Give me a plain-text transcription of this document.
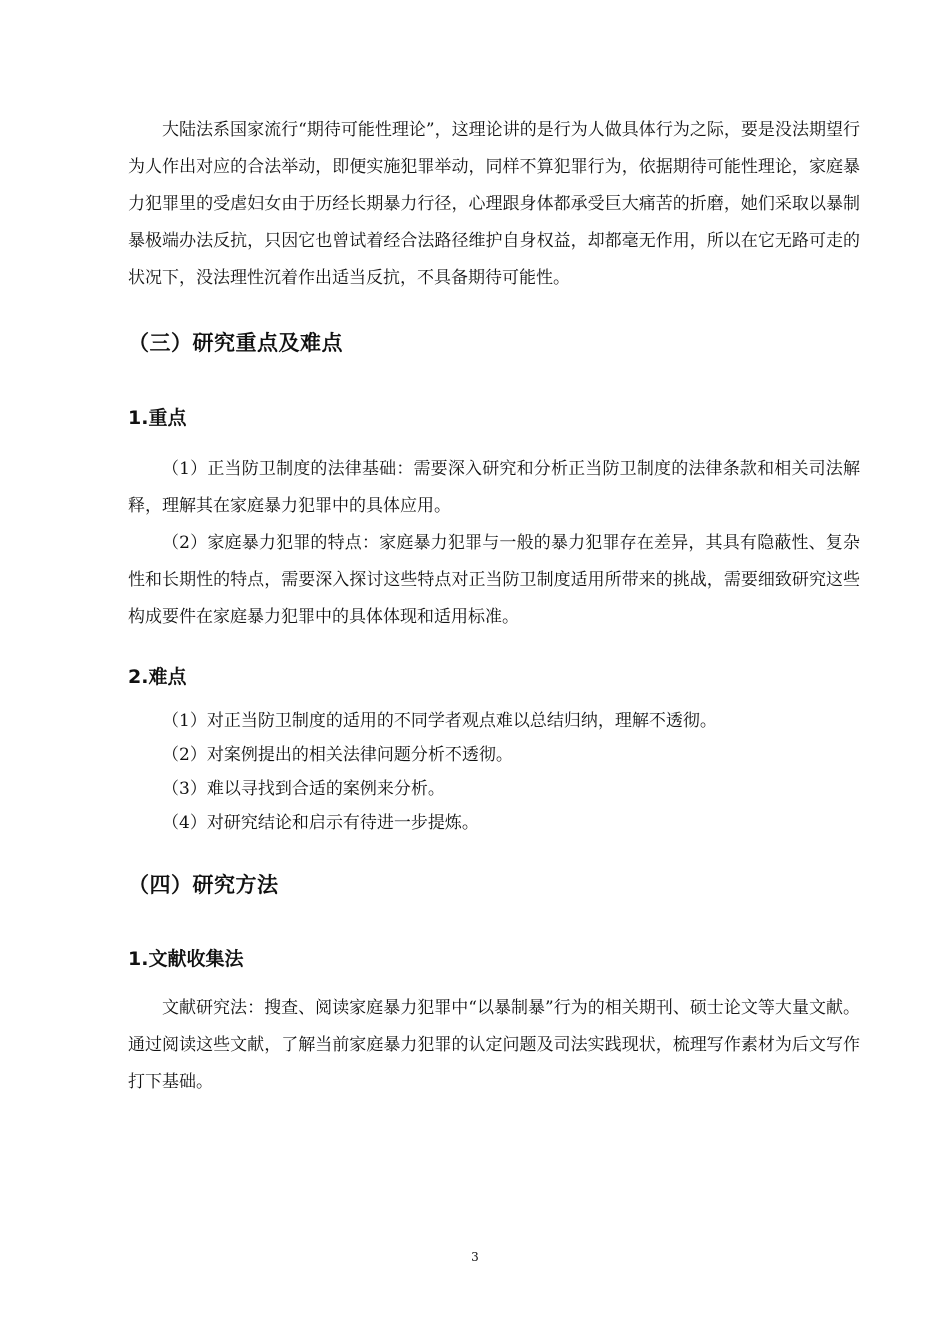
大陆法系国家流行“期待可能性理论”，这理论讲的是行为人做具体行为之际，要是没法期望行为人作出对应的合法举动，即便实施犯罪举动，同样不算犯罪行为，依据期待可能性理论，家庭暴力犯罪里的受虐妇女由于历经长期暴力行径，心理跟身体都承受巨大痛苦的折磨，她们采取以暴制暴极端办法反抗，只因它也曾试着经合法路径维护自身权益，却都毫无作用，所以在它无路可走的状况下，没法理性沉着作出适当反抗，不具备期待可能性。

（三）研究重点及难点
1.重点

（1）正当防卫制度的法律基础：需要深入研究和分析正当防卫制度的法律条款和相关司法解释，理解其在家庭暴力犯罪中的具体应用。

（2）家庭暴力犯罪的特点：家庭暴力犯罪与一般的暴力犯罪存在差异，其具有隐蔽性、复杂性和长期性的特点，需要深入探讨这些特点对正当防卫制度适用所带来的挑战，需要细致研究这些构成要件在家庭暴力犯罪中的具体体现和适用标准。

2.难点

（1）对正当防卫制度的适用的不同学者观点难以总结归纳，理解不透彻。

（2）对案例提出的相关法律问题分析不透彻。

（3）难以寻找到合适的案例来分析。

（4）对研究结论和启示有待进一步提炼。

（四）研究方法
1.文献收集法

文献研究法：搜查、阅读家庭暴力犯罪中“以暴制暴”行为的相关期刊、硕士论文等大量文献。通过阅读这些文献，了解当前家庭暴力犯罪的认定问题及司法实践现状，梳理写作素材为后文写作打下基础。

3
